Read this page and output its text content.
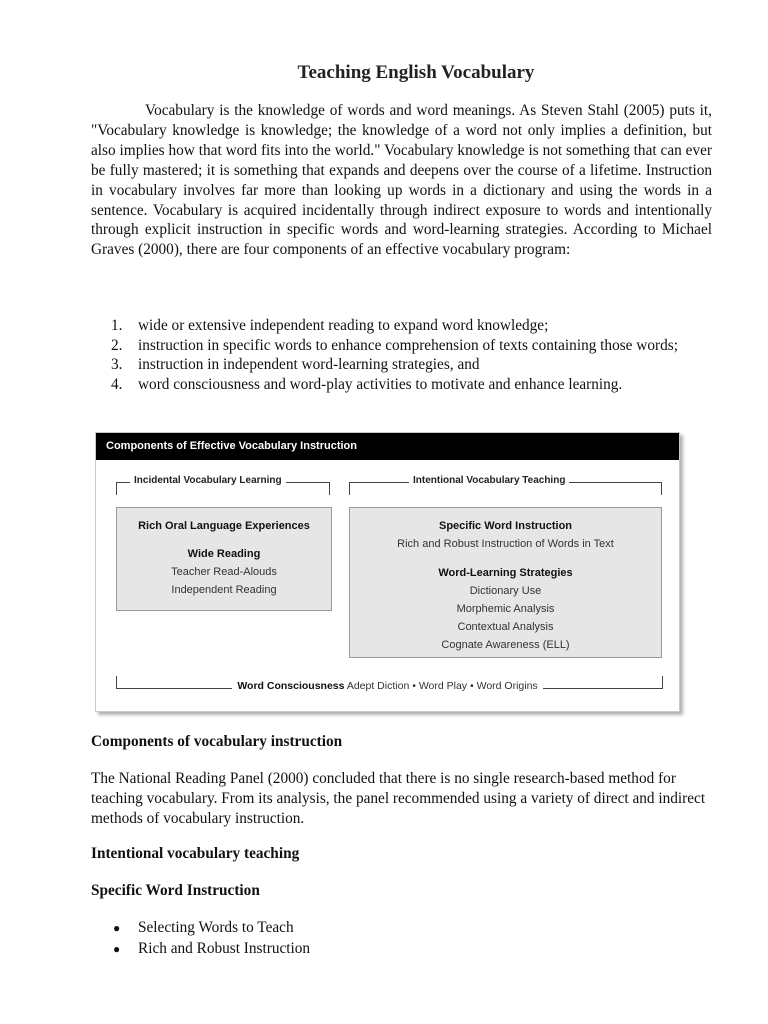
Teaching English Vocabulary

Vocabulary is the knowledge of words and word meanings. As Steven Stahl (2005) puts it, "Vocabulary knowledge is knowledge; the knowledge of a word not only implies a definition, but also implies how that word fits into the world." Vocabulary knowledge is not something that can ever be fully mastered; it is something that expands and deepens over the course of a lifetime. Instruction in vocabulary involves far more than looking up words in a dictionary and using the words in a sentence. Vocabulary is acquired incidentally through indirect exposure to words and intentionally through explicit instruction in specific words and word-learning strategies. According to Michael Graves (2000), there are four components of an effective vocabulary program:

1. wide or extensive independent reading to expand word knowledge;
2. instruction in specific words to enhance comprehension of texts containing those words;
3. instruction in independent word-learning strategies, and
4. word consciousness and word-play activities to motivate and enhance learning.
Components of Effective Vocabulary Instruction
Incidental Vocabulary Learning	Intentional Vocabulary Teaching
Rich Oral Language Experiences
Wide Reading
Teacher Read-Alouds
Independent Reading
Specific Word Instruction
Rich and Robust Instruction of Words in Text
Word-Learning Strategies
Dictionary Use
Morphemic Analysis
Contextual Analysis
Cognate Awareness (ELL)
Word Consciousness Adept Diction • Word Play • Word Origins
Components of vocabulary instruction

The National Reading Panel (2000) concluded that there is no single research-based method for teaching vocabulary. From its analysis, the panel recommended using a variety of direct and indirect methods of vocabulary instruction.

Intentional vocabulary teaching
Specific Word Instruction
● Selecting Words to Teach
● Rich and Robust Instruction
